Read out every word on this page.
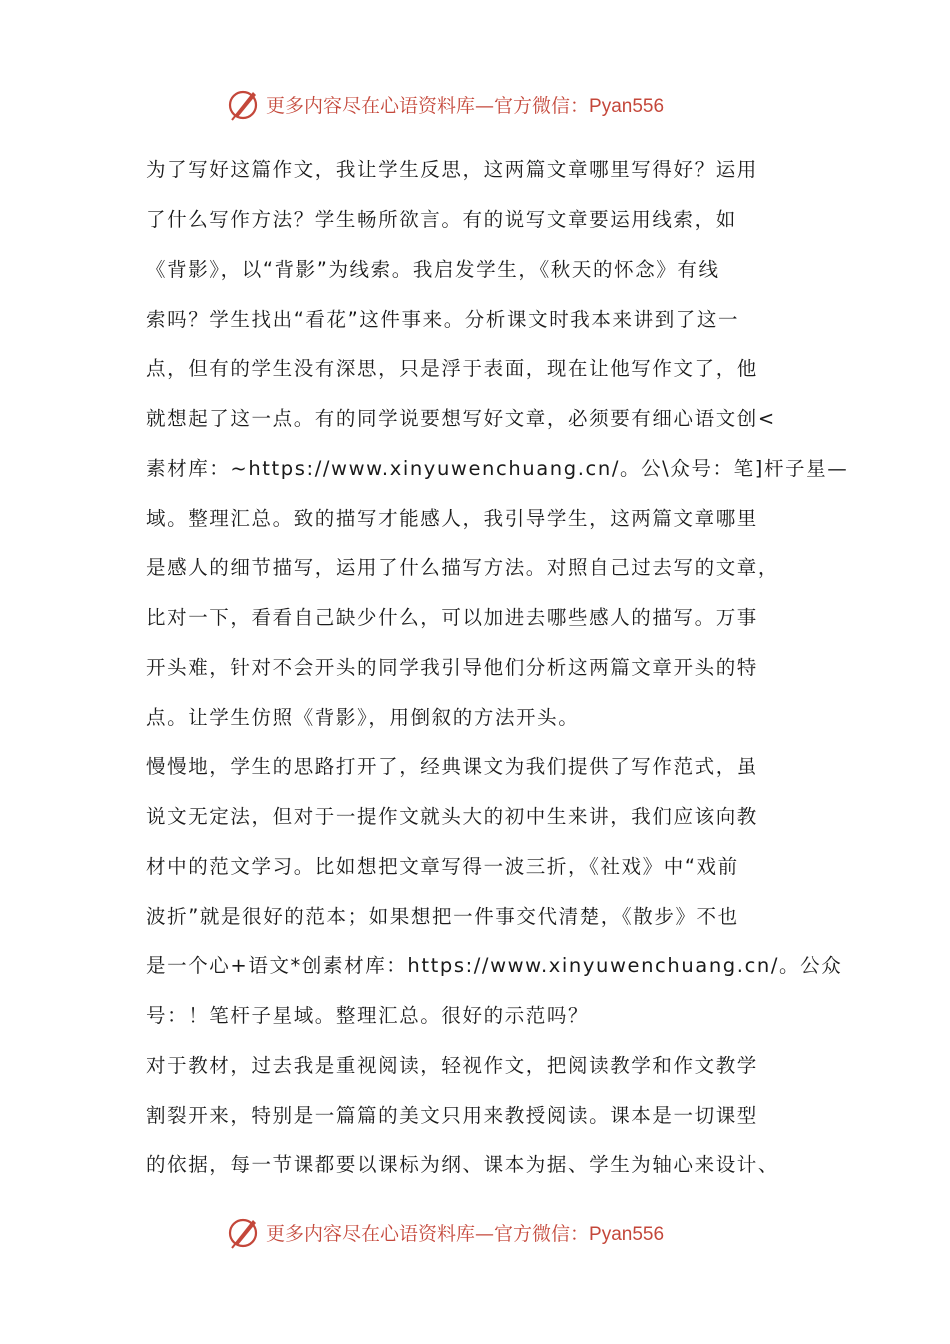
更多内容尽在心语资料库—官方微信：Pyan556
为了写好这篇作文，我让学生反思，这两篇文章哪里写得好？运用
了什么写作方法？学生畅所欲言。有的说写文章要运用线索，如
《背影》，以“背影”为线索。我启发学生，《秋天的怀念》有线
索吗？学生找出“看花”这件事来。分析课文时我本来讲到了这一
点，但有的学生没有深思，只是浮于表面，现在让他写作文了，他
就想起了这一点。有的同学说要想写好文章，必须要有细心语文创<
素材库：~https://www.xinyuwenchuang.cn/。公\众号：笔]杆子星—
域。整理汇总。致的描写才能感人，我引导学生，这两篇文章哪里
是感人的细节描写，运用了什么描写方法。对照自己过去写的文章，
比对一下，看看自己缺少什么，可以加进去哪些感人的描写。万事
开头难，针对不会开头的同学我引导他们分析这两篇文章开头的特
点。让学生仿照《背影》，用倒叙的方法开头。
慢慢地，学生的思路打开了，经典课文为我们提供了写作范式，虽
说文无定法，但对于一提作文就头大的初中生来讲，我们应该向教
材中的范文学习。比如想把文章写得一波三折，《社戏》中“戏前
波折”就是很好的范本；如果想把一件事交代清楚，《散步》不也
是一个心+语文*创素材库：https://www.xinyuwenchuang.cn/。公众
号：！笔杆子星域。整理汇总。很好的示范吗？
对于教材，过去我是重视阅读，轻视作文，把阅读教学和作文教学
割裂开来，特别是一篇篇的美文只用来教授阅读。课本是一切课型
的依据，每一节课都要以课标为纲、课本为据、学生为轴心来设计、
更多内容尽在心语资料库—官方微信：Pyan556
